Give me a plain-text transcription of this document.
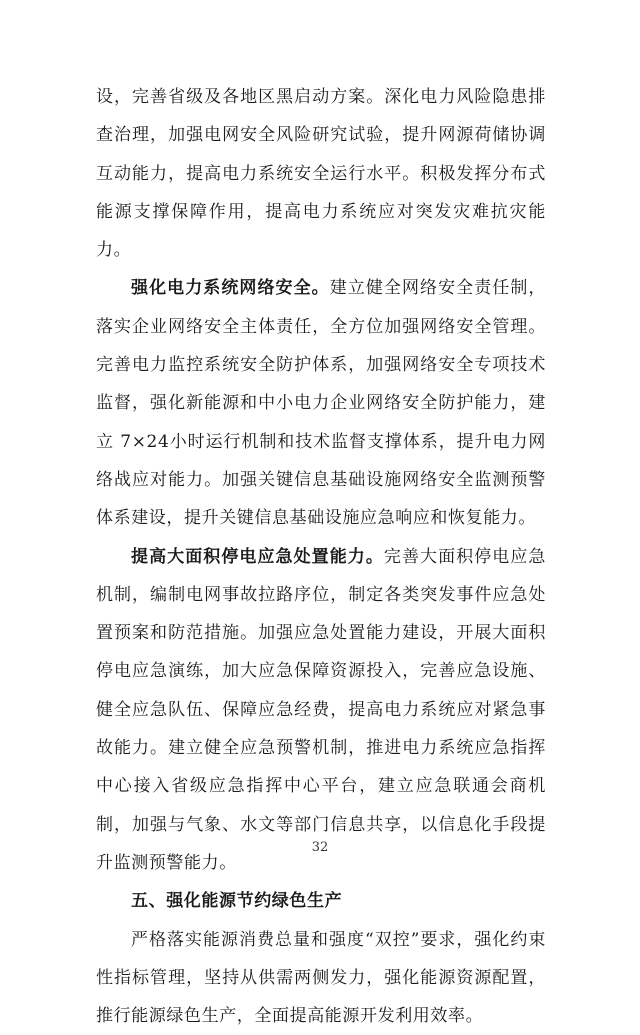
设，完善省级及各地区黑启动方案。深化电力风险隐患排查治理，加强电网安全风险研究试验，提升网源荷储协调互动能力，提高电力系统安全运行水平。积极发挥分布式能源支撑保障作用，提高电力系统应对突发灾难抗灾能力。

强化电力系统网络安全。建立健全网络安全责任制，落实企业网络安全主体责任，全方位加强网络安全管理。完善电力监控系统安全防护体系，加强网络安全专项技术监督，强化新能源和中小电力企业网络安全防护能力，建立 7×24小时运行机制和技术监督支撑体系，提升电力网络战应对能力。加强关键信息基础设施网络安全监测预警体系建设，提升关键信息基础设施应急响应和恢复能力。

提高大面积停电应急处置能力。完善大面积停电应急机制，编制电网事故拉路序位，制定各类突发事件应急处置预案和防范措施。加强应急处置能力建设，开展大面积停电应急演练，加大应急保障资源投入，完善应急设施、健全应急队伍、保障应急经费，提高电力系统应对紧急事故能力。建立健全应急预警机制，推进电力系统应急指挥中心接入省级应急指挥中心平台，建立应急联通会商机制，加强与气象、水文等部门信息共享，以信息化手段提升监测预警能力。

五、强化能源节约绿色生产

严格落实能源消费总量和强度“双控”要求，强化约束性指标管理，坚持从供需两侧发力，强化能源资源配置，推行能源绿色生产，全面提高能源开发利用效率。

32
